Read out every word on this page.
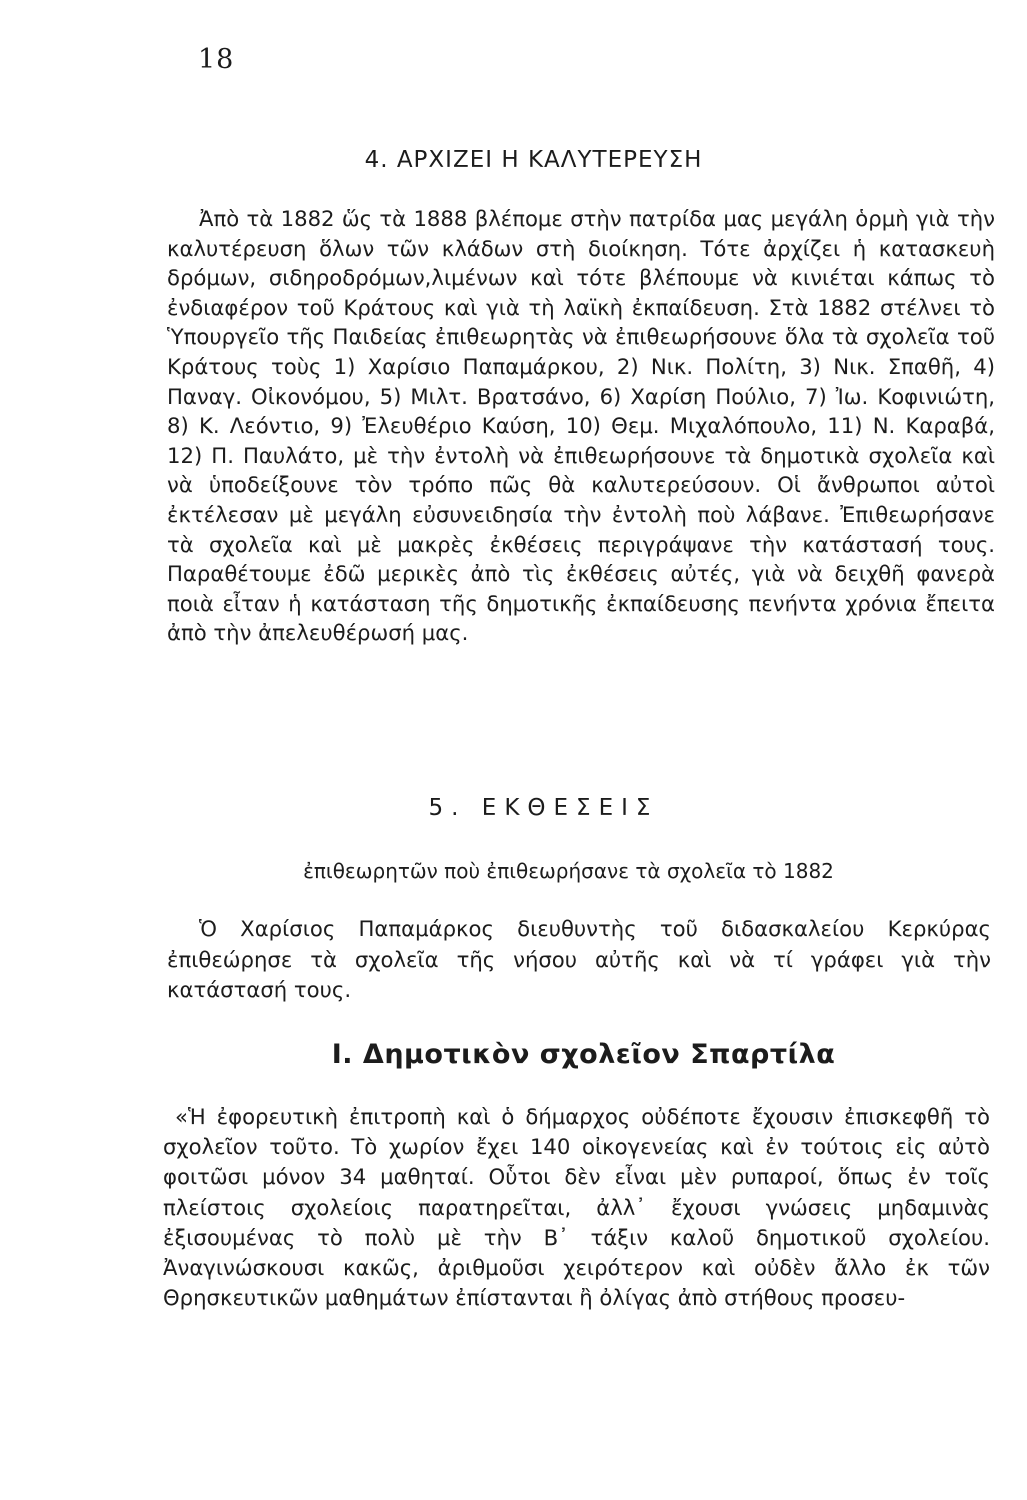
18
4. ΑΡΧΙΖΕΙ Η ΚΑΛΥΤΕΡΕΥΣΗ
Ἀπὸ τὰ 1882 ὥς τὰ 1888 βλέπομε στὴν πατρίδα μας μεγάλη ὁρμὴ γιὰ τὴν καλυτέρευση ὅλων τῶν κλάδων στὴ διοίκηση. Τότε ἀρχίζει ἡ κατασκευὴ δρόμων, σιδηροδρόμων,λιμένων καὶ τότε βλέπουμε νὰ κινιέται κάπως τὸ ἐνδιαφέρον τοῦ Κράτους καὶ γιὰ τὴ λαϊκὴ ἐκπαίδευση. Στὰ 1882 στέλνει τὸ Ὑπουργεῖο τῆς Παιδείας ἐπιθεωρητὰς νὰ ἐπιθεωρήσουνε ὅλα τὰ σχολεῖα τοῦ Κράτους τοὺς 1) Χαρίσιο Παπαμάρκου, 2) Νικ. Πολίτη, 3) Νικ. Σπαθῆ, 4) Παναγ. Οἰκονόμου, 5) Μιλτ. Βρατσάνο, 6) Χαρίση Πούλιο, 7) Ἰω. Κοφινιώτη, 8) Κ. Λεόντιο, 9) Ἐλευθέριο Καύση, 10) Θεμ. Μιχαλόπουλο, 11) Ν. Καραβά, 12) Π. Παυλάτο, μὲ τὴν ἐντολὴ νὰ ἐπιθεωρήσουνε τὰ δημοτικὰ σχολεῖα καὶ νὰ ὑποδείξουνε τὸν τρόπο πῶς θὰ καλυτερεύσουν. Οἱ ἄνθρωποι αὐτοὶ ἐκτέλεσαν μὲ μεγάλη εὐσυνειδησία τὴν ἐντολὴ ποὺ λάβανε. Ἐπιθεωρήσανε τὰ σχολεῖα καὶ μὲ μακρὲς ἐκθέσεις περιγράψανε τὴν κατάστασή τους. Παραθέτουμε ἐδῶ μερικὲς ἀπὸ τὶς ἐκθέσεις αὐτές, γιὰ νὰ δειχθῆ φανερὰ ποιὰ εἶταν ἡ κατάσταση τῆς δημοτικῆς ἐκπαίδευσης πενήντα χρόνια ἔπειτα ἀπὸ τὴν ἀπελευθέρωσή μας.
5. ΕΚΘΕΣΕΙΣ
ἐπιθεωρητῶν ποὺ ἐπιθεωρήσανε τὰ σχολεῖα τὸ 1882
Ὁ Χαρίσιος Παπαμάρκος διευθυντὴς τοῦ διδασκαλείου Κερκύρας ἐπιθεώρησε τὰ σχολεῖα τῆς νήσου αὐτῆς καὶ νὰ τί γράφει γιὰ τὴν κατάστασή τους.
Ι. Δημοτικὸν σχολεῖον Σπαρτίλα
«Ἡ ἐφορευτικὴ ἐπιτροπὴ καὶ ὁ δήμαρχος οὐδέποτε ἔχουσιν ἐπισκεφθῆ τὸ σχολεῖον τοῦτο. Τὸ χωρίον ἔχει 140 οἰκογενείας καὶ ἐν τούτοις εἰς αὐτὸ φοιτῶσι μόνον 34 μαθηταί. Οὗτοι δὲν εἶναι μὲν ρυπαροί, ὅπως ἐν τοῖς πλείστοις σχολείοις παρατηρεῖται, ἀλλ᾽ ἔχουσι γνώσεις μηδαμινὰς ἐξισουμένας τὸ πολὺ μὲ τὴν Β᾽ τάξιν καλοῦ δημοτικοῦ σχολείου. Ἀναγινώσκουσι κακῶς, ἀριθμοῦσι χειρότερον καὶ οὐδὲν ἄλλο ἐκ τῶν Θρησκευτικῶν μαθημάτων ἐπίστανται ἢ ὀλίγας ἀπὸ στήθους προσευ-
